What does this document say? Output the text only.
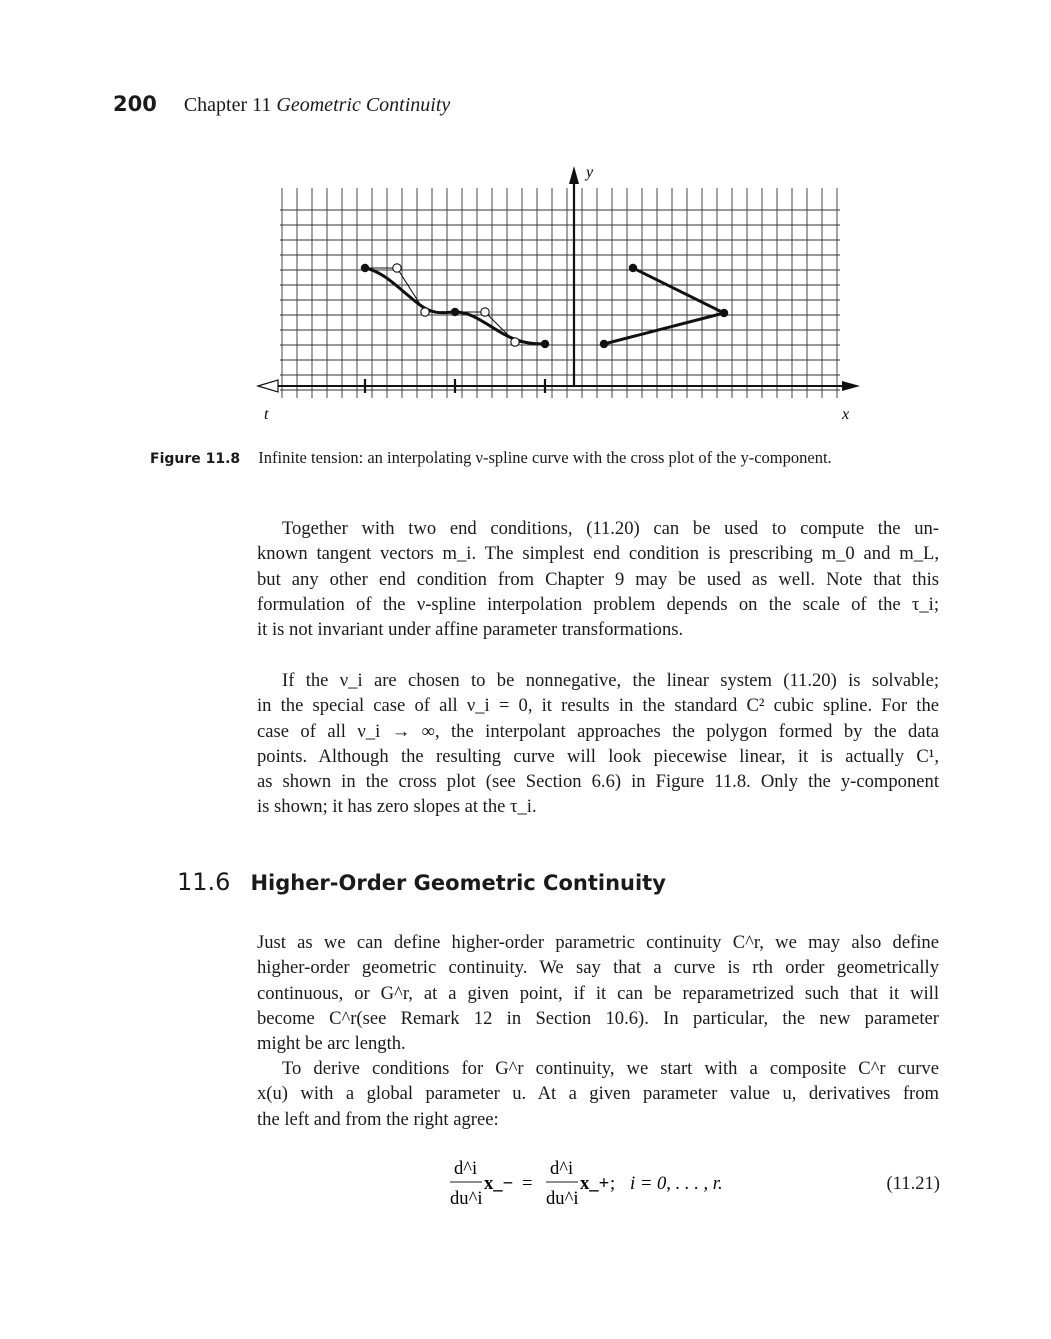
200 Chapter 11 Geometric Continuity
y
t	x
Figure 11.8 Infinite tension: an interpolating ν-spline curve with the cross plot of the y-component.
Together with two end conditions, (11.20) can be used to compute the un-
known tangent vectors m_i. The simplest end condition is prescribing m_0 and m_L,
but any other end condition from Chapter 9 may be used as well. Note that this
formulation of the ν-spline interpolation problem depends on the scale of the τ_i;
it is not invariant under affine parameter transformations.
If the ν_i are chosen to be nonnegative, the linear system (11.20) is solvable;
in the special case of all ν_i = 0, it results in the standard C² cubic spline. For the
case of all ν_i → ∞, the interpolant approaches the polygon formed by the data
points. Although the resulting curve will look piecewise linear, it is actually C¹,
as shown in the cross plot (see Section 6.6) in Figure 11.8. Only the y-component
is shown; it has zero slopes at the τ_i.
11.6 Higher-Order Geometric Continuity
Just as we can define higher-order parametric continuity C^r, we may also define
higher-order geometric continuity. We say that a curve is rth order geometrically
continuous, or G^r, at a given point, if it can be reparametrized such that it will
become C^r(see Remark 12 in Section 10.6). In particular, the new parameter
might be arc length.
To derive conditions for G^r continuity, we start with a composite C^r curve
x(u) with a global parameter u. At a given parameter value u, derivatives from
the left and from the right agree:
d^i
du^i
x_− =
d^i
du^i
x_+ ; i = 0, . . . , r.	(11.21)
